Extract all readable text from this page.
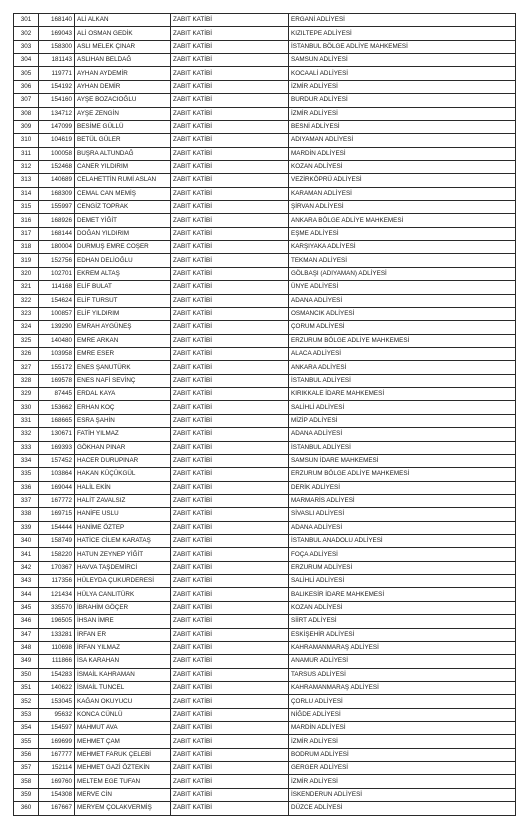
301	168140	ALİ ALKAN	ZABIT KATİBİ	ERGANİ ADLİYESİ
302	169043	ALİ OSMAN GEDİK	ZABIT KATİBİ	KIZILTEPE ADLİYESİ
303	158300	ASLI MELEK ÇINAR	ZABIT KATİBİ	İSTANBUL BÖLGE ADLİYE MAHKEMESİ
304	181143	ASLIHAN BELDAĞ	ZABIT KATİBİ	SAMSUN ADLİYESİ
305	119771	AYHAN AYDEMİR	ZABIT KATİBİ	KOCAALİ ADLİYESİ
306	154192	AYHAN DEMİR	ZABIT KATİBİ	İZMİR ADLİYESİ
307	154160	AYŞE BOZACIOĞLU	ZABIT KATİBİ	BURDUR ADLİYESİ
308	134712	AYŞE ZENGİN	ZABIT KATİBİ	İZMİR ADLİYESİ
309	147099	BESİME GÜLLÜ	ZABIT KATİBİ	BESNİ ADLİYESİ
310	104619	BETÜL GÜLER	ZABIT KATİBİ	ADIYAMAN ADLİYESİ
311	100058	BUŞRA ALTUNDAĞ	ZABIT KATİBİ	MARDİN ADLİYESİ
312	152468	CANER YILDIRIM	ZABIT KATİBİ	KOZAN ADLİYESİ
313	140689	CELAHETTİN RUMİ ASLAN	ZABIT KATİBİ	VEZİRKÖPRÜ ADLİYESİ
314	168309	CEMAL CAN MEMİŞ	ZABIT KATİBİ	KARAMAN ADLİYESİ
315	155997	CENGİZ TOPRAK	ZABIT KATİBİ	ŞİRVAN ADLİYESİ
316	168926	DEMET YİĞİT	ZABIT KATİBİ	ANKARA BÖLGE ADLİYE MAHKEMESİ
317	168144	DOĞAN YILDIRIM	ZABIT KATİBİ	EŞME ADLİYESİ
318	180004	DURMUŞ EMRE COŞER	ZABIT KATİBİ	KARŞIYAKA ADLİYESİ
319	152756	EDHAN DELİOĞLU	ZABIT KATİBİ	TEKMAN ADLİYESİ
320	102701	EKREM ALTAŞ	ZABIT KATİBİ	GÖLBAŞI (ADIYAMAN) ADLİYESİ
321	114168	ELİF BULAT	ZABIT KATİBİ	ÜNYE ADLİYESİ
322	154624	ELİF TURSUT	ZABIT KATİBİ	ADANA ADLİYESİ
323	100857	ELİF YILDIRIM	ZABIT KATİBİ	OSMANCIK ADLİYESİ
324	139290	EMRAH AYGÜNEŞ	ZABIT KATİBİ	ÇORUM ADLİYESİ
325	140480	EMRE ARKAN	ZABIT KATİBİ	ERZURUM BÖLGE ADLİYE MAHKEMESİ
326	103958	EMRE ESER	ZABIT KATİBİ	ALACA ADLİYESİ
327	155172	ENES ŞANUTÜRK	ZABIT KATİBİ	ANKARA ADLİYESİ
328	169578	ENES NAFİ SEVİNÇ	ZABIT KATİBİ	İSTANBUL ADLİYESİ
329	87445	ERDAL KAYA	ZABIT KATİBİ	KIRIKKALE İDARE MAHKEMESİ
330	153662	ERHAN KOÇ	ZABIT KATİBİ	SALİHLİ ADLİYESİ
331	168665	ESRA ŞAHİN	ZABIT KATİBİ	MİZİP ADLİYESİ
332	130671	FATİH YILMAZ	ZABIT KATİBİ	ADANA ADLİYESİ
333	169393	GÖKHAN PINAR	ZABIT KATİBİ	İSTANBUL ADLİYESİ
334	157452	HACER DURUPINAR	ZABIT KATİBİ	SAMSUN İDARE MAHKEMESİ
335	103864	HAKAN KÜÇÜKGÜL	ZABIT KATİBİ	ERZURUM BÖLGE ADLİYE MAHKEMESİ
336	169044	HALİL EKİN	ZABIT KATİBİ	DERİK ADLİYESİ
337	167772	HALİT ZAVALSIZ	ZABIT KATİBİ	MARMARİS ADLİYESİ
338	169715	HANİFE USLU	ZABIT KATİBİ	SİVASLI ADLİYESİ
339	154444	HANİME ÖZTEP	ZABIT KATİBİ	ADANA ADLİYESİ
340	158749	HATİCE CİLEM KARATAŞ	ZABIT KATİBİ	İSTANBUL ANADOLU ADLİYESİ
341	158220	HATUN ZEYNEP YİĞİT	ZABIT KATİBİ	FOÇA ADLİYESİ
342	170367	HAVVA TAŞDEMİRCİ	ZABIT KATİBİ	ERZURUM ADLİYESİ
343	117356	HÜLEYDA ÇUKURDERESİ	ZABIT KATİBİ	SALİHLİ ADLİYESİ
344	121434	HÜLYA CANLITÜRK	ZABIT KATİBİ	BALIKESİR İDARE MAHKEMESİ
345	335570	İBRAHİM GÖÇER	ZABIT KATİBİ	KOZAN ADLİYESİ
346	196505	İHSAN İMRE	ZABIT KATİBİ	SİİRT ADLİYESİ
347	133281	İRFAN ER	ZABIT KATİBİ	ESKİŞEHİR ADLİYESİ
348	110698	İRFAN YILMAZ	ZABIT KATİBİ	KAHRAMANMARAŞ ADLİYESİ
349	111866	İSA KARAHAN	ZABIT KATİBİ	ANAMUR ADLİYESİ
350	154283	İSMAİL KAHRAMAN	ZABIT KATİBİ	TARSUS ADLİYESİ
351	140622	İSMAİL TUNCEL	ZABIT KATİBİ	KAHRAMANMARAŞ ADLİYESİ
352	153045	KAĞAN OKUYUCU	ZABIT KATİBİ	ÇORLU ADLİYESİ
353	95632	KONCA CÜNLÜ	ZABIT KATİBİ	NİĞDE ADLİYESİ
354	154597	MAHMUT AVA	ZABIT KATİBİ	MARDİN ADLİYESİ
355	169699	MEHMET ÇAM	ZABIT KATİBİ	İZMİR ADLİYESİ
356	167777	MEHMET FARUK ÇELEBİ	ZABIT KATİBİ	BODRUM ADLİYESİ
357	152114	MEHMET GAZİ ÖZTEKİN	ZABIT KATİBİ	GERGER ADLİYESİ
358	169760	MELTEM EGE TUFAN	ZABIT KATİBİ	İZMİR ADLİYESİ
359	154308	MERVE CİN	ZABIT KATİBİ	İSKENDERUN ADLİYESİ
360	167667	MERYEM ÇOLAKVERMİŞ	ZABIT KATİBİ	DÜZCE ADLİYESİ
